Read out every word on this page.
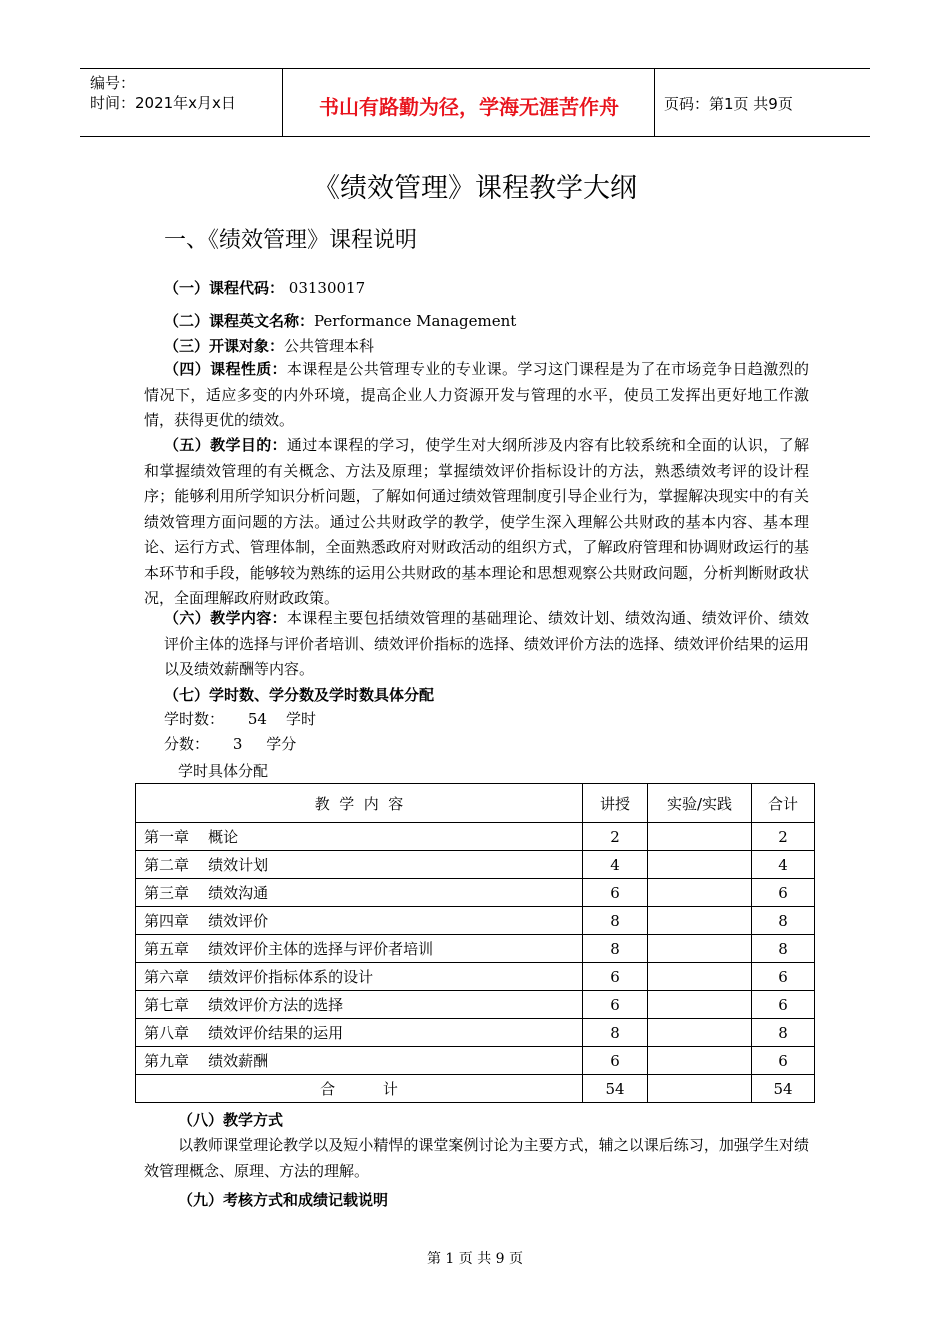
编号：
时间：2021年x月x日	书山有路勤为径，学海无涯苦作舟	页码：第1页 共9页
《绩效管理》课程教学大纲
一、《绩效管理》课程说明
（一）课程代码： 03130017
（二）课程英文名称：Performance Management
（三）开课对象：公共管理本科
（四）课程性质：本课程是公共管理专业的专业课。学习这门课程是为了在市场竞争日趋激烈的情况下，适应多变的内外环境，提高企业人力资源开发与管理的水平，使员工发挥出更好地工作激情，获得更优的绩效。
（五）教学目的：通过本课程的学习，使学生对大纲所涉及内容有比较系统和全面的认识，了解和掌握绩效管理的有关概念、方法及原理；掌握绩效评价指标设计的方法，熟悉绩效考评的设计程序；能够利用所学知识分析问题，了解如何通过绩效管理制度引导企业行为，掌握解决现实中的有关绩效管理方面问题的方法。通过公共财政学的教学，使学生深入理解公共财政的基本内容、基本理论、运行方式、管理体制，全面熟悉政府对财政活动的组织方式，了解政府管理和协调财政运行的基本环节和手段，能够较为熟练的运用公共财政的基本理论和思想观察公共财政问题，分析判断财政状况，全面理解政府财政政策。
（六）教学内容：本课程主要包括绩效管理的基础理论、绩效计划、绩效沟通、绩效评价、绩效评价主体的选择与评价者培训、绩效评价指标的选择、绩效评价方法的选择、绩效评价结果的运用以及绩效薪酬等内容。
（七）学时数、学分数及学时数具体分配
学时数：     54    学时
分数：     3     学分
学时具体分配
教  学  内  容	讲授	实验/实践	合计
第一章    概论	2		2
第二章    绩效计划	4		4
第三章    绩效沟通	6		6
第四章    绩效评价	8		8
第五章    绩效评价主体的选择与评价者培训	8		8
第六章    绩效评价指标体系的设计	6		6
第七章    绩效评价方法的选择	6		6
第八章    绩效评价结果的运用	8		8
第九章    绩效薪酬	6		6
合          计	54		54
（八）教学方式
以教师课堂理论教学以及短小精悍的课堂案例讨论为主要方式，辅之以课后练习，加强学生对绩效管理概念、原理、方法的理解。
（九）考核方式和成绩记载说明
第 1 页 共 9 页
